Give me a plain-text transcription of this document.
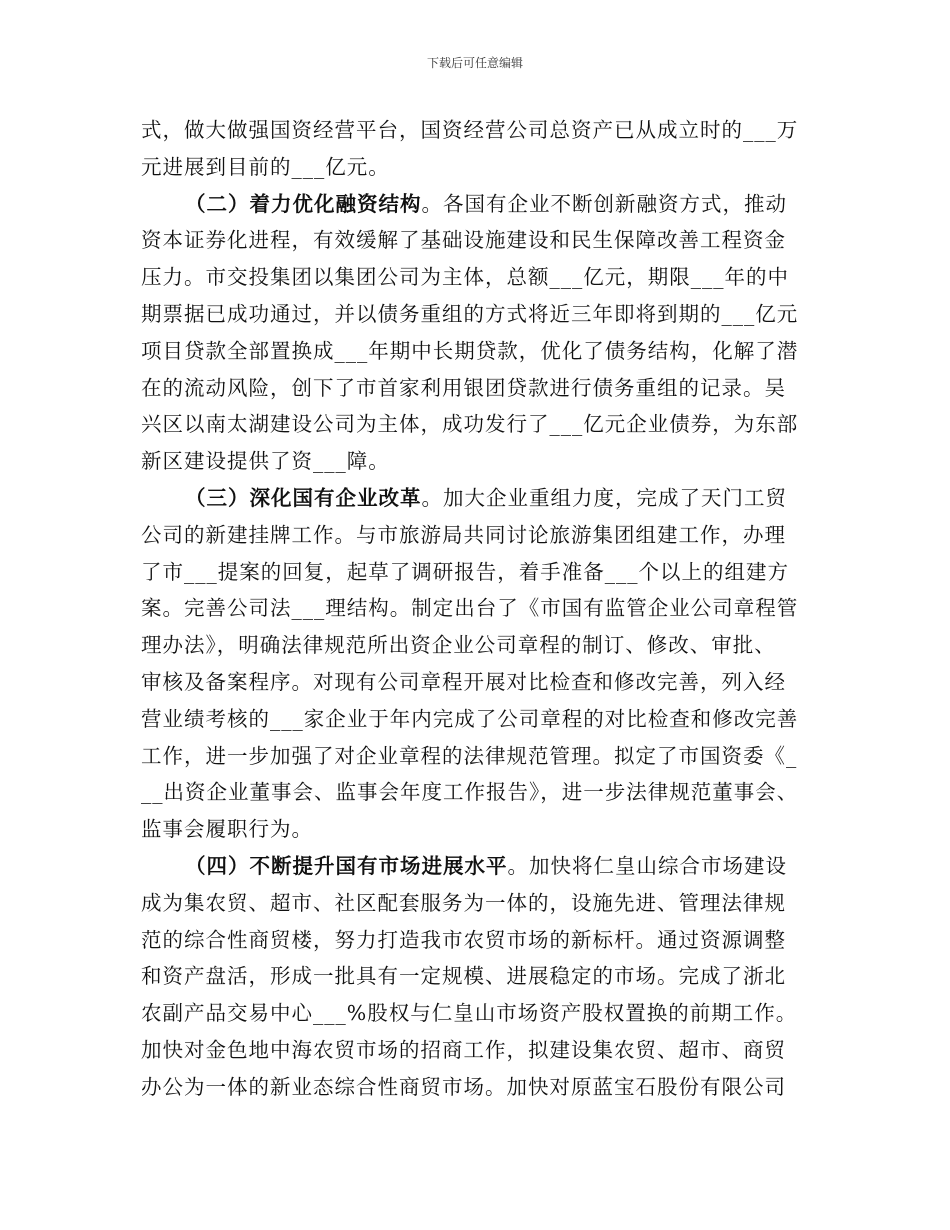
下载后可任意编辑
式，做大做强国资经营平台，国资经营公司总资产已从成立时的___万
元进展到目前的___亿元。
（二）着力优化融资结构。各国有企业不断创新融资方式，推动
资本证券化进程，有效缓解了基础设施建设和民生保障改善工程资金
压力。市交投集团以集团公司为主体，总额___亿元，期限___年的中
期票据已成功通过，并以债务重组的方式将近三年即将到期的___亿元
项目贷款全部置换成___年期中长期贷款，优化了债务结构，化解了潜
在的流动风险，创下了市首家利用银团贷款进行债务重组的记录。吴
兴区以南太湖建设公司为主体，成功发行了___亿元企业债券，为东部
新区建设提供了资___障。
（三）深化国有企业改革。加大企业重组力度，完成了天门工贸
公司的新建挂牌工作。与市旅游局共同讨论旅游集团组建工作，办理
了市___提案的回复，起草了调研报告，着手准备___个以上的组建方
案。完善公司法___理结构。制定出台了《市国有监管企业公司章程管
理办法》，明确法律规范所出资企业公司章程的制订、修改、审批、
审核及备案程序。对现有公司章程开展对比检查和修改完善，列入经
营业绩考核的___家企业于年内完成了公司章程的对比检查和修改完善
工作，进一步加强了对企业章程的法律规范管理。拟定了市国资委《_
__出资企业董事会、监事会年度工作报告》，进一步法律规范董事会、
监事会履职行为。
（四）不断提升国有市场进展水平。加快将仁皇山综合市场建设
成为集农贸、超市、社区配套服务为一体的，设施先进、管理法律规
范的综合性商贸楼，努力打造我市农贸市场的新标杆。通过资源调整
和资产盘活，形成一批具有一定规模、进展稳定的市场。完成了浙北
农副产品交易中心___%股权与仁皇山市场资产股权置换的前期工作。
加快对金色地中海农贸市场的招商工作，拟建设集农贸、超市、商贸
办公为一体的新业态综合性商贸市场。加快对原蓝宝石股份有限公司
